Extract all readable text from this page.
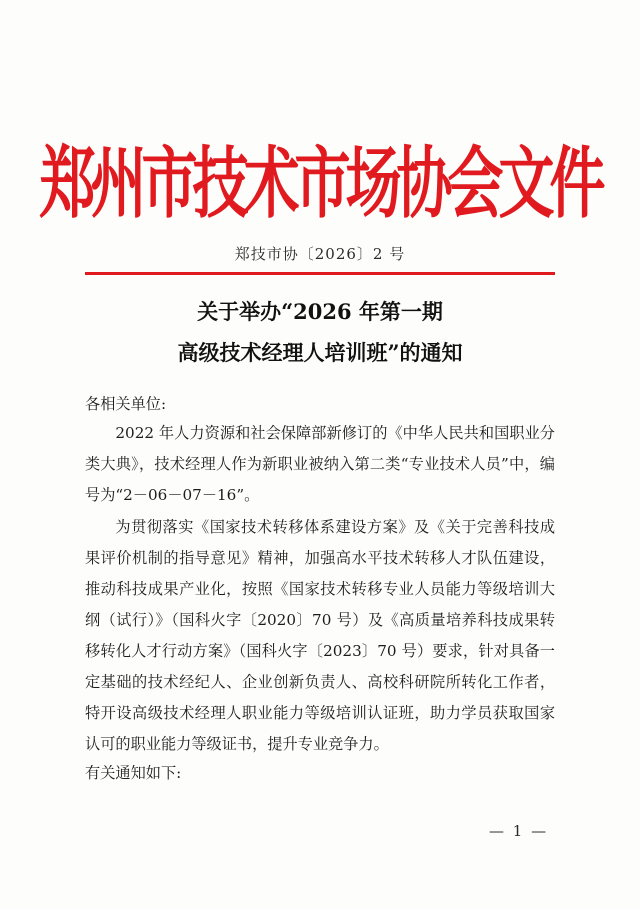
郑州市技术市场协会文件
郑技市协〔2026〕2 号
关于举办“2026 年第一期
高级技术经理人培训班”的通知
各相关单位:

2022 年人力资源和社会保障部新修订的《中华人民共和国职业分类大典》，技术经理人作为新职业被纳入第二类“专业技术人员”中，编号为“2－06－07－16”。

为贯彻落实《国家技术转移体系建设方案》及《关于完善科技成果评价机制的指导意见》精神，加强高水平技术转移人才队伍建设，推动科技成果产业化，按照《国家技术转移专业人员能力等级培训大纲（试行）》（国科火字〔2020〕70 号）及《高质量培养科技成果转移转化人才行动方案》（国科火字〔2023〕70 号）要求，针对具备一定基础的技术经纪人、企业创新负责人、高校科研院所转化工作者，特开设高级技术经理人职业能力等级培训认证班，助力学员获取国家认可的职业能力等级证书，提升专业竞争力。

有关通知如下:
— 1 —
